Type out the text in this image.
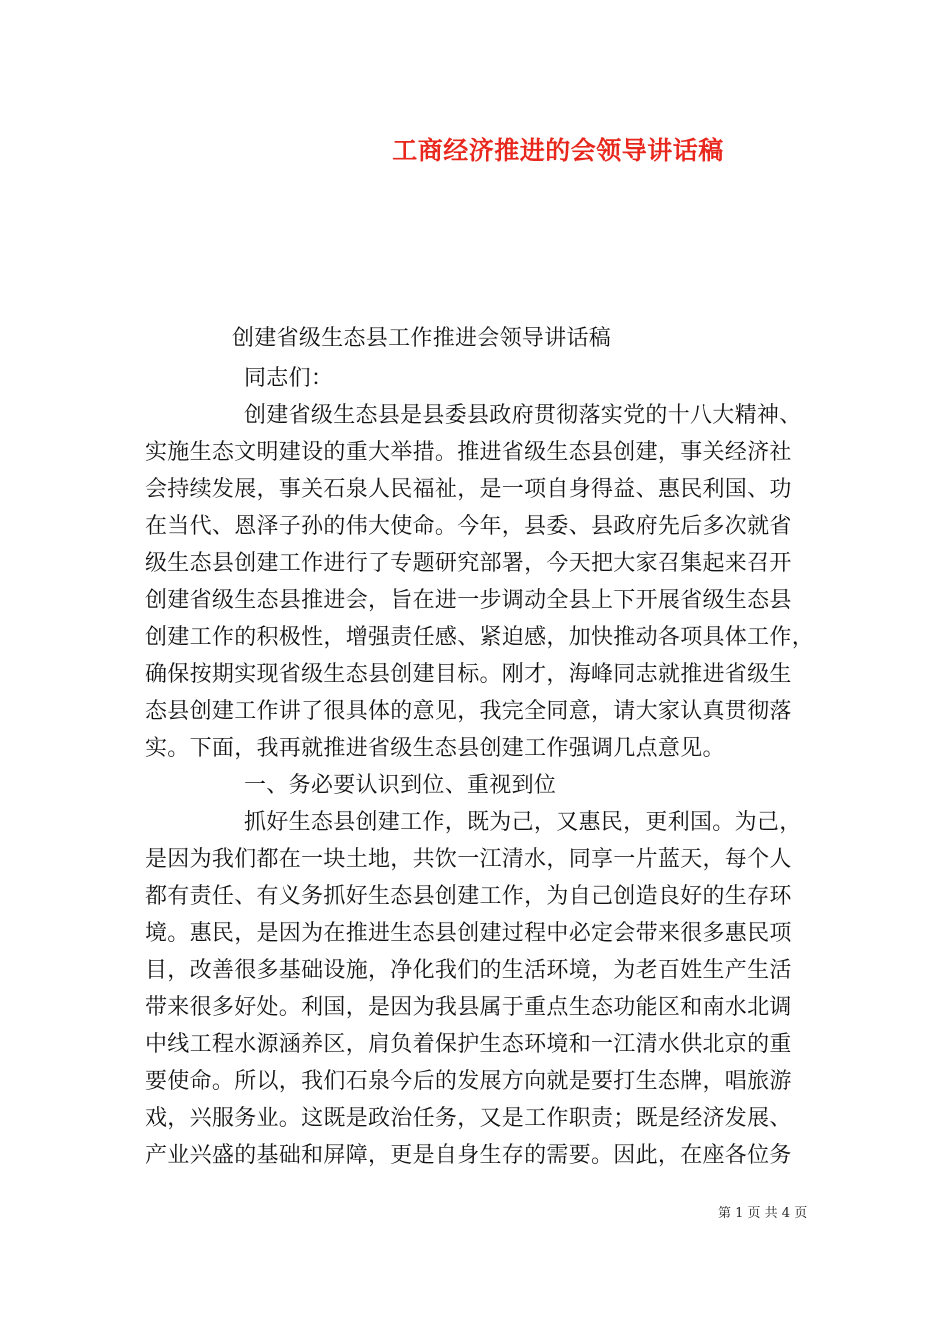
工商经济推进的会领导讲话稿
创建省级生态县工作推进会领导讲话稿
同志们：
创建省级生态县是县委县政府贯彻落实党的十八大精神、
实施生态文明建设的重大举措。推进省级生态县创建，事关经济社
会持续发展，事关石泉人民福祉，是一项自身得益、惠民利国、功
在当代、恩泽子孙的伟大使命。今年，县委、县政府先后多次就省
级生态县创建工作进行了专题研究部署，今天把大家召集起来召开
创建省级生态县推进会，旨在进一步调动全县上下开展省级生态县
创建工作的积极性，增强责任感、紧迫感，加快推动各项具体工作，
确保按期实现省级生态县创建目标。刚才，海峰同志就推进省级生
态县创建工作讲了很具体的意见，我完全同意，请大家认真贯彻落
实。下面，我再就推进省级生态县创建工作强调几点意见。
一、务必要认识到位、重视到位
抓好生态县创建工作，既为己，又惠民，更利国。为己，
是因为我们都在一块土地，共饮一江清水，同享一片蓝天，每个人
都有责任、有义务抓好生态县创建工作，为自己创造良好的生存环
境。惠民，是因为在推进生态县创建过程中必定会带来很多惠民项
目，改善很多基础设施，净化我们的生活环境，为老百姓生产生活
带来很多好处。利国，是因为我县属于重点生态功能区和南水北调
中线工程水源涵养区，肩负着保护生态环境和一江清水供北京的重
要使命。所以，我们石泉今后的发展方向就是要打生态牌，唱旅游
戏，兴服务业。这既是政治任务，又是工作职责；既是经济发展、
产业兴盛的基础和屏障，更是自身生存的需要。因此，在座各位务
第 1 页 共 4 页
